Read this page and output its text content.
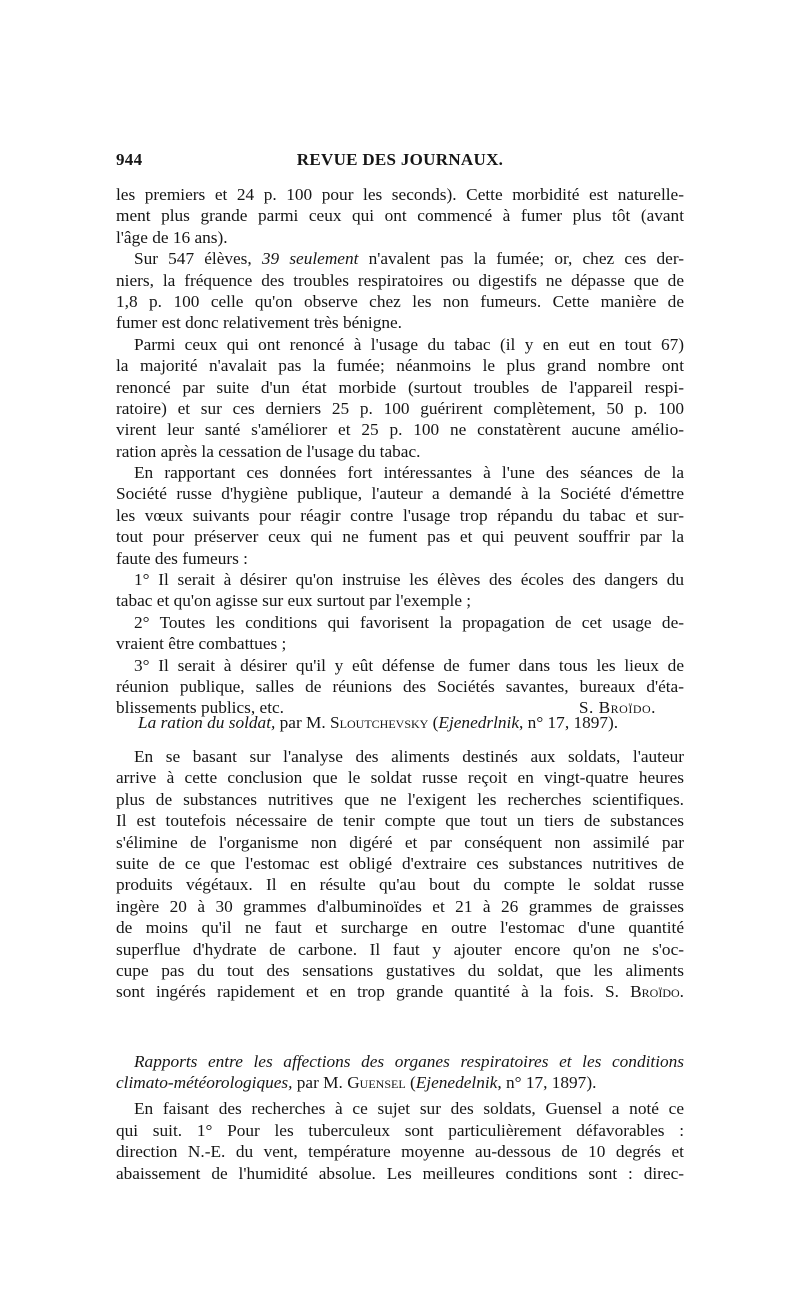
944	REVUE DES JOURNAUX.
les premiers et 24 p. 100 pour les seconds). Cette morbidité est naturelle-
ment plus grande parmi ceux qui ont commencé à fumer plus tôt (avant
l'âge de 16 ans).
Sur 547 élèves, 39 seulement n'avalent pas la fumée; or, chez ces der-
niers, la fréquence des troubles respiratoires ou digestifs ne dépasse que de
1,8 p. 100 celle qu'on observe chez les non fumeurs. Cette manière de
fumer est donc relativement très bénigne.
Parmi ceux qui ont renoncé à l'usage du tabac (il y en eut en tout 67)
la majorité n'avalait pas la fumée; néanmoins le plus grand nombre ont
renoncé par suite d'un état morbide (surtout troubles de l'appareil respi-
ratoire) et sur ces derniers 25 p. 100 guérirent complètement, 50 p. 100
virent leur santé s'améliorer et 25 p. 100 ne constatèrent aucune amélio-
ration après la cessation de l'usage du tabac.
En rapportant ces données fort intéressantes à l'une des séances de la
Société russe d'hygiène publique, l'auteur a demandé à la Société d'émettre
les vœux suivants pour réagir contre l'usage trop répandu du tabac et sur-
tout pour préserver ceux qui ne fument pas et qui peuvent souffrir par la
faute des fumeurs :
1° Il serait à désirer qu'on instruise les élèves des écoles des dangers du
tabac et qu'on agisse sur eux surtout par l'exemple ;
2° Toutes les conditions qui favorisent la propagation de cet usage de-
vraient être combattues ;
3° Il serait à désirer qu'il y eût défense de fumer dans tous les lieux de
réunion publique, salles de réunions des Sociétés savantes, bureaux d'éta-
blissements publics, etc.	S. Broïdo.
La ration du soldat, par M. Sloutchevsky (Ejenedrlnik, n° 17, 1897).
En se basant sur l'analyse des aliments destinés aux soldats, l'auteur
arrive à cette conclusion que le soldat russe reçoit en vingt-quatre heures
plus de substances nutritives que ne l'exigent les recherches scientifiques.
Il est toutefois nécessaire de tenir compte que tout un tiers de substances
s'élimine de l'organisme non digéré et par conséquent non assimilé par
suite de ce que l'estomac est obligé d'extraire ces substances nutritives de
produits végétaux. Il en résulte qu'au bout du compte le soldat russe
ingère 20 à 30 grammes d'albuminoïdes et 21 à 26 grammes de graisses
de moins qu'il ne faut et surcharge en outre l'estomac d'une quantité
superflue d'hydrate de carbone. Il faut y ajouter encore qu'on ne s'oc-
cupe pas du tout des sensations gustatives du soldat, que les aliments
sont ingérés rapidement et en trop grande quantité à la fois. S. Broïdo.
Rapports entre les affections des organes respiratoires et les conditions
climato-météorologiques, par M. Guensel (Ejenedelnik, n° 17, 1897).
En faisant des recherches à ce sujet sur des soldats, Guensel a noté ce
qui suit. 1° Pour les tuberculeux sont particulièrement défavorables :
direction N.-E. du vent, température moyenne au-dessous de 10 degrés et
abaissement de l'humidité absolue. Les meilleures conditions sont : direc-
